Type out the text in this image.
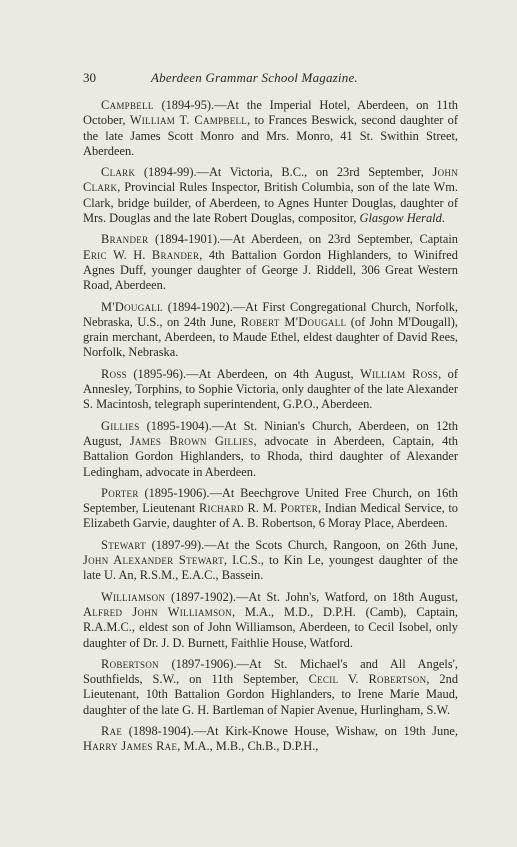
30	Aberdeen Grammar School Magazine.

Campbell (1894-95).—At the Imperial Hotel, Aberdeen, on 11th October, William T. Campbell, to Frances Beswick, second daughter of the late James Scott Monro and Mrs. Monro, 41 St. Swithin Street, Aberdeen.

Clark (1894-99).—At Victoria, B.C., on 23rd September, John Clark, Provincial Rules Inspector, British Columbia, son of the late Wm. Clark, bridge builder, of Aberdeen, to Agnes Hunter Douglas, daughter of Mrs. Douglas and the late Robert Douglas, compositor, Glasgow Herald.

Brander (1894-1901).—At Aberdeen, on 23rd September, Captain Eric W. H. Brander, 4th Battalion Gordon Highlanders, to Winifred Agnes Duff, younger daughter of George J. Riddell, 306 Great Western Road, Aberdeen.

M'Dougall (1894-1902).—At First Congregational Church, Norfolk, Nebraska, U.S., on 24th June, Robert M'Dougall (of John M'Dougall), grain merchant, Aberdeen, to Maude Ethel, eldest daughter of David Rees, Norfolk, Nebraska.

Ross (1895-96).—At Aberdeen, on 4th August, William Ross, of Annesley, Torphins, to Sophie Victoria, only daughter of the late Alexander S. Macintosh, telegraph superintendent, G.P.O., Aberdeen.

Gillies (1895-1904).—At St. Ninian's Church, Aberdeen, on 12th August, James Brown Gillies, advocate in Aberdeen, Captain, 4th Battalion Gordon Highlanders, to Rhoda, third daughter of Alexander Ledingham, advocate in Aberdeen.

Porter (1895-1906).—At Beechgrove United Free Church, on 16th September, Lieutenant Richard R. M. Porter, Indian Medical Service, to Elizabeth Garvie, daughter of A. B. Robertson, 6 Moray Place, Aberdeen.

Stewart (1897-99).—At the Scots Church, Rangoon, on 26th June, John Alexander Stewart, I.C.S., to Kin Le, youngest daughter of the late U. An, R.S.M., E.A.C., Bassein.

Williamson (1897-1902).—At St. John's, Watford, on 18th August, Alfred John Williamson, M.A., M.D., D.P.H. (Camb), Captain, R.A.M.C., eldest son of John Williamson, Aberdeen, to Cecil Isobel, only daughter of Dr. J. D. Burnett, Faithlie House, Watford.

Robertson (1897-1906).—At St. Michael's and All Angels', Southfields, S.W., on 11th September, Cecil V. Robertson, 2nd Lieutenant, 10th Battalion Gordon Highlanders, to Irene Marie Maud, daughter of the late G. H. Bartleman of Napier Avenue, Hurlingham, S.W.

Rae (1898-1904).—At Kirk-Knowe House, Wishaw, on 19th June, Harry James Rae, M.A., M.B., Ch.B., D.P.H.,
